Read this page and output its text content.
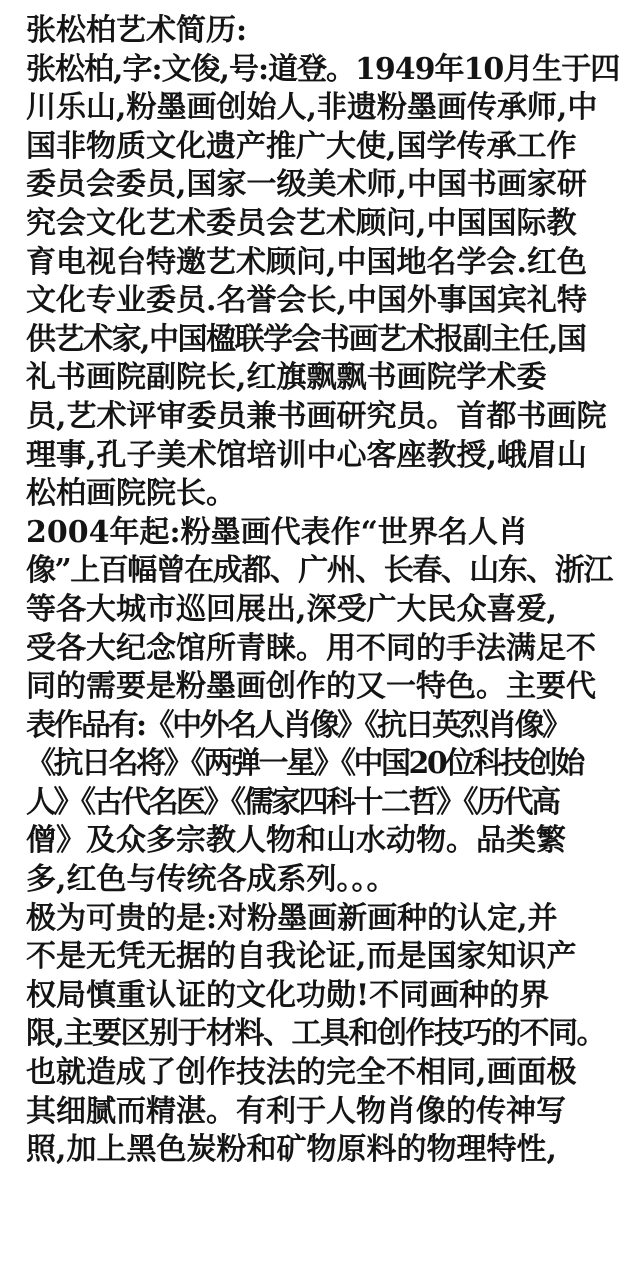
张松柏艺术简历:
张松柏,字:文俊,号:道登。1949年10月生于四
川乐山,粉墨画创始人,非遗粉墨画传承师,中
国非物质文化遗产推广大使,国学传承工作
委员会委员,国家一级美术师,中国书画家研
究会文化艺术委员会艺术顾问,中国国际教
育电视台特邀艺术顾问,中国地名学会.红色
文化专业委员.名誉会长,中国外事国宾礼特
供艺术家,中国楹联学会书画艺术报副主任,国
礼书画院副院长,红旗飘飘书画院学术委
员,艺术评审委员兼书画研究员。首都书画院
理事,孔子美术馆培训中心客座教授,峨眉山
松柏画院院长。
2004年起:粉墨画代表作“世界名人肖
像”上百幅曾在成都、广州、长春、山东、浙江
等各大城市巡回展出,深受广大民众喜爱,
受各大纪念馆所青睐。用不同的手法满足不
同的需要是粉墨画创作的又一特色。主要代
表作品有:《中外名人肖像》《抗日英烈肖像》
《抗日名将》《两弹一星》《中国20位科技创始
人》《古代名医》《儒家四科十二哲》《历代高
僧》及众多宗教人物和山水动物。品类繁
多,红色与传统各成系列。。。
极为可贵的是:对粉墨画新画种的认定,并
不是无凭无据的自我论证,而是国家知识产
权局慎重认证的文化功勋!不同画种的界
限,主要区别于材料、工具和创作技巧的不同。
也就造成了创作技法的完全不相同,画面极
其细腻而精湛。有利于人物肖像的传神写
照,加上黑色炭粉和矿物原料的物理特性,
